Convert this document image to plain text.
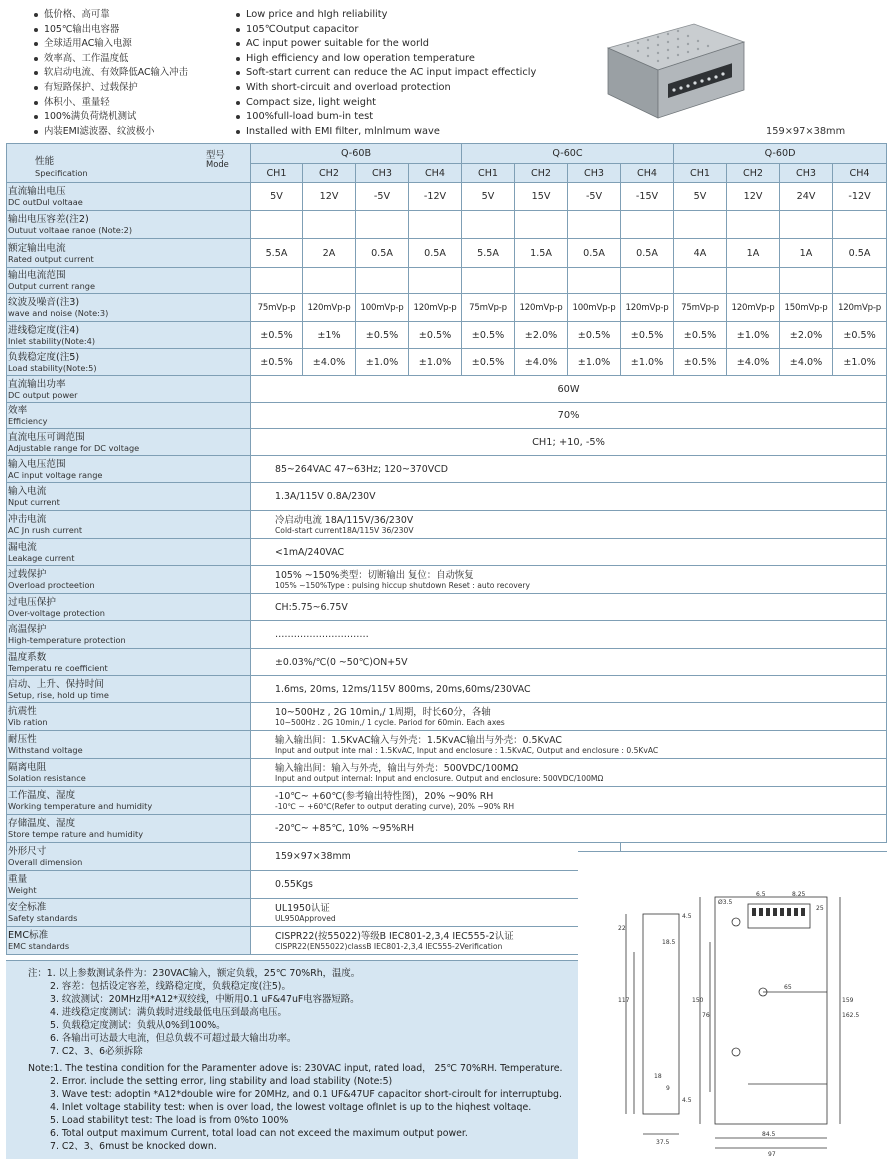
低价格、高可靠
105℃输出电容器
全球适用AC输入电源
效率高、工作温度低
软启动电流、有效降低AC输入冲击
有短路保护、过载保护
体积小、重量轻
100%满负荷烧机测试
内装EMI滤波器、纹波极小
Low price and hIgh reliability
105℃Output capacitor
AC input power suitable for the world
High efficiency and low operation temperature
Soft-start current can reduce the AC input impact effecticly
With short-circuit and overload protection
Compact size, light weight
100%full-load bum-in test
Installed with EMI filter, mlnlmum wave	159×97×38mm
型号
Mode
性能
Specification	Q-60B				Q-60C				Q-60D			
	CH1	CH2	CH3	CH4	CH1	CH2	CH3	CH4	CH1	CH2	CH3	CH4

直流输出电压
DC outDul voltaae	5V	12V	-5V	-12V	5V	15V	-5V	-15V	5V	12V	24V	-12V

输出电压容差(注2)
Outuut voltaae ranoe (Note:2)												

额定输出电流
Rated output current	5.5A	2A	0.5A	0.5A	5.5A	1.5A	0.5A	0.5A	4A	1A	1A	0.5A

输出电流范围
Output current range												

纹波及噪音(注3)
wave and noise (Note:3)	75mVp-p	120mVp-p	100mVp-p	120mVp-p	75mVp-p	120mVp-p	100mVp-p	120mVp-p	75mVp-p	120mVp-p	150mVp-p	120mVp-p

进线稳定度(注4)
Inlet stability(Note:4)	±0.5%	±1%	±0.5%	±0.5%	±0.5%	±2.0%	±0.5%	±0.5%	±0.5%	±1.0%	±2.0%	±0.5%

负载稳定度(注5)
Load stability(Note:5)	±0.5%	±4.0%	±1.0%	±1.0%	±0.5%	±4.0%	±1.0%	±1.0%	±0.5%	±4.0%	±4.0%	±1.0%

直流输出功率
DC output power	60W											

效率
Efficiency	70%											

直流电压可调范围
Adjustable range for DC voltage	CH1; +10, -5%											

输入电压范围
AC input voltage range	85~264VAC 47~63Hz; 120~370VCD											

输入电流
Nput current	1.3A/115V 0.8A/230V											

冲击电流
AC Jn rush current	冷启动电流 18A/115V/36/230V
Cold-start current18A/115V 36/230V											

漏电流
Leakage current	<1mA/240VAC											

过载保护
Overload procteetion	105% ~150%类型：切断输出 复位：自动恢复
105% ~150%Type : pulsing hiccup shutdown Reset : auto recovery											

过电压保护
Over-voltage protection	CH:5.75~6.75V											

高温保护
High-temperature protection	…………………………											

温度系数
Temperatu re coefficient	±0.03%/℃(0 ~50℃)ON+5V											

启动、上升、保持时间
Setup, rise, hold up time	1.6ms, 20ms, 12ms/115V 800ms, 20ms,60ms/230VAC											

抗震性
Vib ration	10~500Hz , 2G 10min,/ 1周期，时长60分，各轴
10~500Hz . 2G 10min,/ 1 cycle. Pariod for 60min. Each axes											

耐压性
Withstand voltage	输入输出间：1.5KvAC输入与外壳：1.5KvAC输出与外壳：0.5KvAC
Input and output inte rnal : 1.5KvAC, Input and enclosure : 1.5KvAC, Output and enclosure : 0.5KvAC											

隔离电阻
Solation resistance	输入输出间：输入与外壳，输出与外壳：500VDC/100MΩ
Input and output internal: Input and enclosure. Output and enclosure: 500VDC/100MΩ											

工作温度、湿度
Working temperature and humidity	-10℃~ +60℃(参考输出特性图)，20% ~90% RH
-10℃ ~ +60℃(Refer to output derating curve), 20% ~90% RH											

存储温度、湿度
Store tempe rature and humidity	-20℃~ +85℃, 10% ~95%RH											

外形尺寸
Overall dimension	159×97×38mm											

重量
Weight	0.55Kgs											

安全标准
Safety standards	UL1950认证
UL950Approved											

EMC标准
EMC standards	CISPR22(按55022)等级B IEC801-2,3,4 IEC555-2认证
CISPR22(EN55022)classB IEC801-2,3,4 IEC555-2Verification											
注：1. 以上参数测试条件为：230VAC输入，额定负载，25℃ 70%Rh，温度。
2. 容差：包括设定容差，线路稳定度，负载稳定度(注5)。
3. 纹波测试：20MHz用*A12*双绞线，中断用0.1 uF&47uF电容器短路。
4. 进线稳定度测试：满负载时进线最低电压到最高电压。
5. 负载稳定度测试：负载从0%到100%。
6. 各输出可达最大电流，但总负载不可超过最大输出功率。
7. C2、3、6必须拆除
Note:1. The testina condition for the Paramenter adove is: 230VAC input, rated load， 25℃ 70%RH. Temperature.
2. Error. include the setting error, ling stability and load stability (Note:5)
3. Wave test: adoptin *A12*double wire for 20MHz, and 0.1 UF&47UF capacitor short-ciroult for interruptubg.
4. Inlet voltage stability test: when is over load, the lowest voItage ofInlet is up to the hiqhest voltaqe.
5. Load stabilityt test: The load is from 0%to 100%
6. Total output maximum Current, total load can not exceed the maximum output power.
7. C2、3、6must be knocked down.
6.5	8.25
25
4.5
22
18.5
65
Ø3.5
117	150
76
159
162.5
18
9
4.5
84.5
37.5
97
